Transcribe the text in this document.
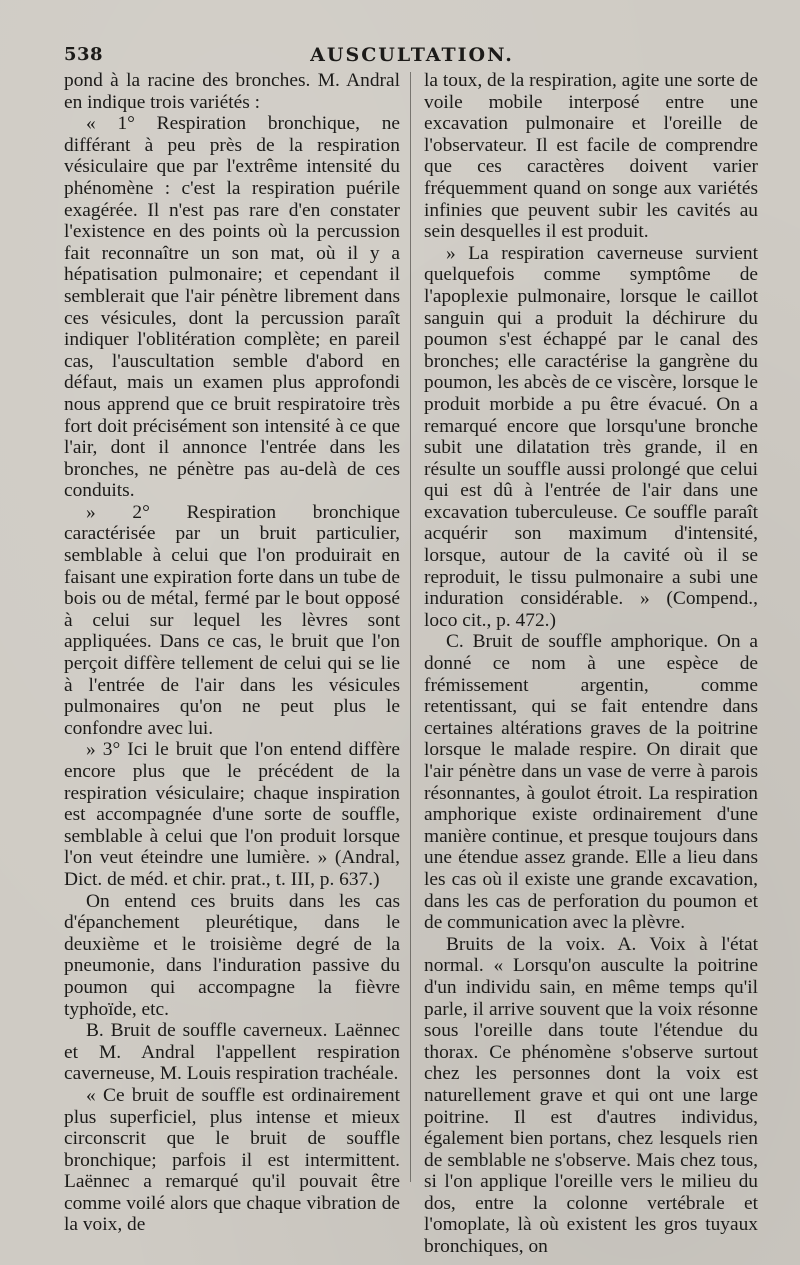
538	AUSCULTATION.

pond à la racine des bronches. M. Andral en indique trois variétés :

« 1° Respiration bronchique, ne différant à peu près de la respiration vésiculaire que par l'extrême intensité du phénomène : c'est la respiration puérile exagérée. Il n'est pas rare d'en constater l'existence en des points où la percussion fait reconnaître un son mat, où il y a hépatisation pulmonaire; et cependant il semblerait que l'air pénètre librement dans ces vésicules, dont la percussion paraît indiquer l'oblitération complète; en pareil cas, l'auscultation semble d'abord en défaut, mais un examen plus approfondi nous apprend que ce bruit respiratoire très fort doit précisément son intensité à ce que l'air, dont il annonce l'entrée dans les bronches, ne pénètre pas au-delà de ces conduits.

» 2° Respiration bronchique caractérisée par un bruit particulier, semblable à celui que l'on produirait en faisant une expiration forte dans un tube de bois ou de métal, fermé par le bout opposé à celui sur lequel les lèvres sont appliquées. Dans ce cas, le bruit que l'on perçoit diffère tellement de celui qui se lie à l'entrée de l'air dans les vésicules pulmonaires qu'on ne peut plus le confondre avec lui.

» 3° Ici le bruit que l'on entend diffère encore plus que le précédent de la respiration vésiculaire; chaque inspiration est accompagnée d'une sorte de souffle, semblable à celui que l'on produit lorsque l'on veut éteindre une lumière. » (Andral, Dict. de méd. et chir. prat., t. III, p. 637.)

On entend ces bruits dans les cas d'épanchement pleurétique, dans le deuxième et le troisième degré de la pneumonie, dans l'induration passive du poumon qui accompagne la fièvre typhoïde, etc.

B. Bruit de souffle caverneux. Laënnec et M. Andral l'appellent respiration caverneuse, M. Louis respiration trachéale.

« Ce bruit de souffle est ordinairement plus superficiel, plus intense et mieux circonscrit que le bruit de souffle bronchique; parfois il est intermittent. Laënnec a remarqué qu'il pouvait être comme voilé alors que chaque vibration de la voix, de

la toux, de la respiration, agite une sorte de voile mobile interposé entre une excavation pulmonaire et l'oreille de l'observateur. Il est facile de comprendre que ces caractères doivent varier fréquemment quand on songe aux variétés infinies que peuvent subir les cavités au sein desquelles il est produit.

» La respiration caverneuse survient quelquefois comme symptôme de l'apoplexie pulmonaire, lorsque le caillot sanguin qui a produit la déchirure du poumon s'est échappé par le canal des bronches; elle caractérise la gangrène du poumon, les abcès de ce viscère, lorsque le produit morbide a pu être évacué. On a remarqué encore que lorsqu'une bronche subit une dilatation très grande, il en résulte un souffle aussi prolongé que celui qui est dû à l'entrée de l'air dans une excavation tuberculeuse. Ce souffle paraît acquérir son maximum d'intensité, lorsque, autour de la cavité où il se reproduit, le tissu pulmonaire a subi une induration considérable. » (Compend., loco cit., p. 472.)

C. Bruit de souffle amphorique. On a donné ce nom à une espèce de frémissement argentin, comme retentissant, qui se fait entendre dans certaines altérations graves de la poitrine lorsque le malade respire. On dirait que l'air pénètre dans un vase de verre à parois résonnantes, à goulot étroit. La respiration amphorique existe ordinairement d'une manière continue, et presque toujours dans une étendue assez grande. Elle a lieu dans les cas où il existe une grande excavation, dans les cas de perforation du poumon et de communication avec la plèvre.

Bruits de la voix. A. Voix à l'état normal. « Lorsqu'on ausculte la poitrine d'un individu sain, en même temps qu'il parle, il arrive souvent que la voix résonne sous l'oreille dans toute l'étendue du thorax. Ce phénomène s'observe surtout chez les personnes dont la voix est naturellement grave et qui ont une large poitrine. Il est d'autres individus, également bien portans, chez lesquels rien de semblable ne s'observe. Mais chez tous, si l'on applique l'oreille vers le milieu du dos, entre la colonne vertébrale et l'omoplate, là où existent les gros tuyaux bronchiques, on
